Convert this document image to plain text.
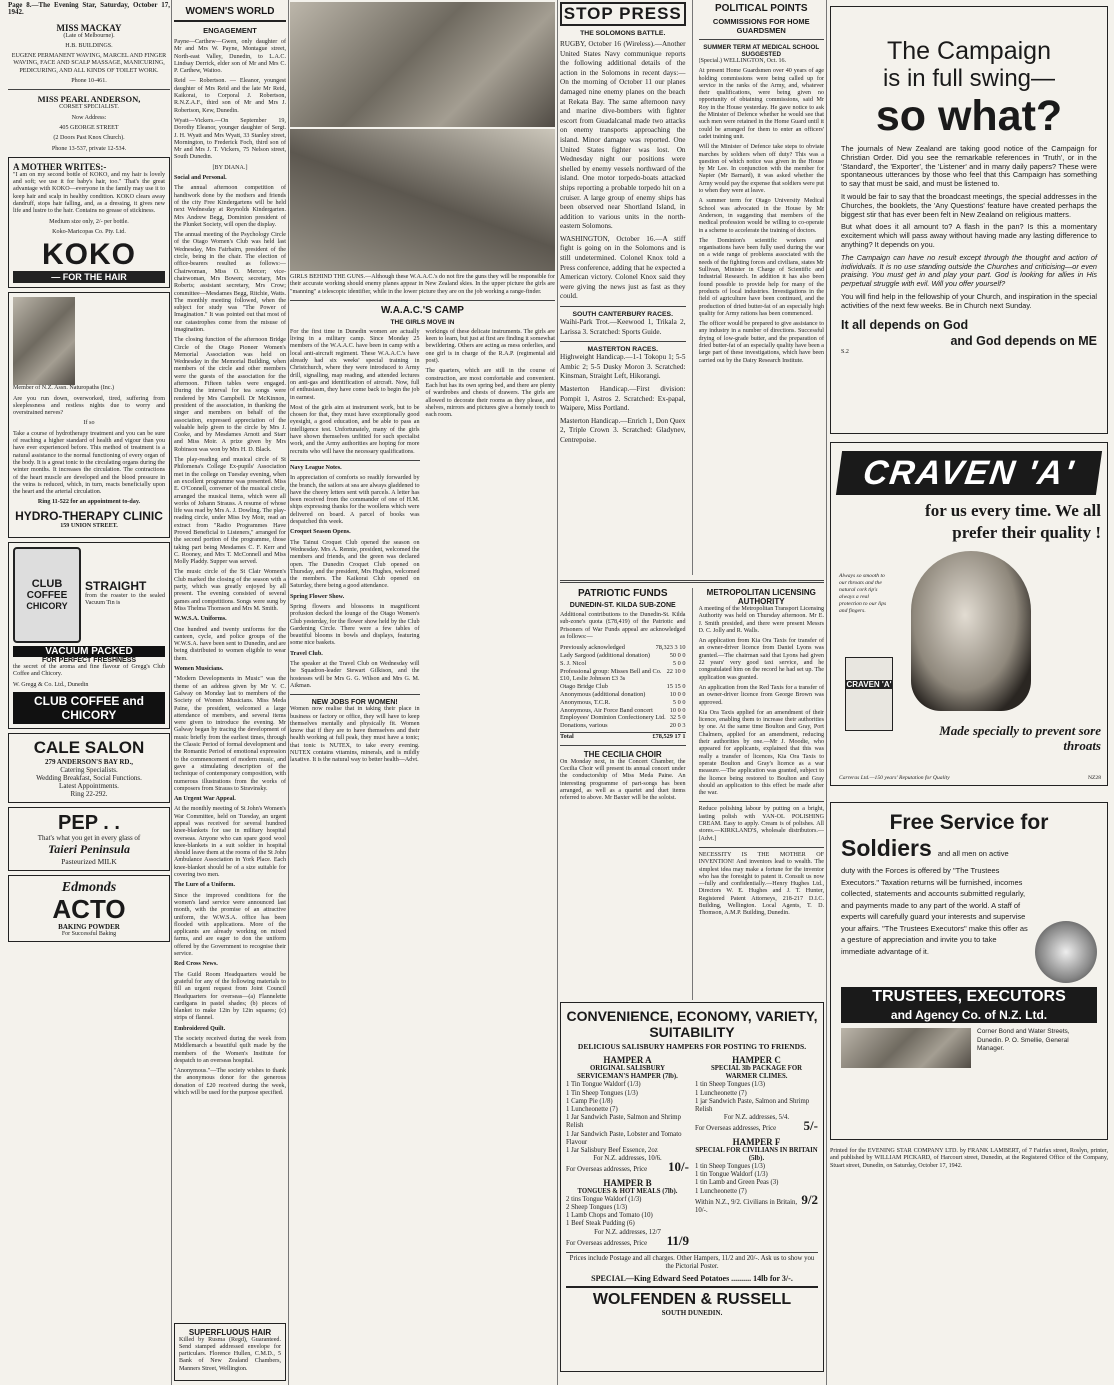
Page 8.—The Evening Star, Saturday, October 17, 1942.
MISS MACKAY
(Late of Melbourne).
H.B. BUILDINGS.
EUGENE PERMANENT WAVING, MARCEL AND FINGER WAVING, FACE AND SCALP MASSAGE, MANICURING, PEDICURING, AND ALL KINDS OF TOILET WORK.
Phone 10-461.
MISS PEARL ANDERSON,
CORSET SPECIALIST.
Now Address:
405 GEORGE STREET
(2 Doors Past Knox Church).
Phone 13-537, private 12-534.
A MOTHER WRITES:-
"I am on my second bottle of KOKO, and my hair is lovely and soft; we use it for baby's hair, too." That's the great advantage with KOKO—everyone in the family may use it to keep hair and scalp in healthy condition. KOKO clears away dandruff, stops hair falling, and, as a dressing, it gives new life and lustre to the hair. Contains no grease of stickiness.
Medium size only, 2/- per bottle.
Koko-Maricopas Co. Pty. Ltd.
KOKO
— FOR THE HAIR
Member of N.Z. Assn. Naturopaths (Inc.)
Are you run down, overworked, tired, suffering from sleeplessness and restless nights due to worry and overstrained nerves?
If so
Take a course of hydrotherapy treatment and you can be sure of reaching a higher standard of health and vigour than you have ever experienced before. This method of treatment is a natural assistance to the normal functioning of every organ of the body. It is a great tonic to the circulating organs during the winter months. It increases the circulation. The contractions of the heart muscle are developed and the blood pressure in the veins is reduced, which, in turn, reacts beneficially upon the heart and the arterial circulation.
Ring 11-522 for an appointment to-day.
HYDRO-THERAPY CLINIC
159 UNION STREET.
CLUB
COFFEE
CHICORY
STRAIGHT
from the roaster to the sealed Vacuum Tin is
VACUUM PACKED
FOR PERFECT FRESHNESS
the secret of the aroma and fine flavour of Gregg's Club Coffee and Chicory.
W. Gregg & Co. Ltd., Dunedin
CLUB COFFEE and CHICORY
CALE SALON
279 ANDERSON'S BAY RD.,
Catering Specialists.
Wedding Breakfast, Social Functions.
Latest Appointments.
Ring 22-292.
PEP . .
That's what you get in every glass of
Taieri Peninsula
Pasteurized MILK
Edmonds
ACTO
BAKING POWDER
For Successful Baking
WOMEN'S WORLD
ENGAGEMENT

Payne—Carthew—Gwen, only daughter of Mr and Mrs W. Payne, Montague street, North-east Valley, Dunedin, to L.A.C. Lindsay Derrick, elder son of Mr and Mrs C. P. Carthew, Waitoo.

Reid — Robertson. — Eleanor, youngest daughter of Mrs Reid and the late Mr Reid, Kaikorai, to Corporal J. Robertson, R.N.Z.A.F., third son of Mr and Mrs J. Robertson, Kew, Dunedin.

Wyatt—Vickers.—On September 19, Dorothy Eleanor, younger daughter of Sergt. J. H. Wyatt and Mrs Wyatt, 33 Stanley street, Mornington, to Frederick Foch, third son of Mr and Mrs J. T. Vickers, 75 Nelson street, South Dunedin.

[BY DIANA.]
Social and Personal.

The annual afternoon competition of handiwork done by the mothers and friends of the city Free Kindergartens will be held next Wednesday at Reynolds Kindergarten. Mrs Andrew Begg, Dominion president of the Plunket Society, will open the display.

The annual meeting of the Psychology Circle of the Otago Women's Club was held last Wednesday, Mrs Fairbairn, president of the circle, being in the chair. The election of office-bearers resulted as follows:—Chairwoman, Miss O. Mercer; vice-chairwoman, Mrs Bowen; secretary, Mrs Roberts; assistant secretary, Mrs Crow; committee—Mesdames Begg, Ritchie, Watts. The monthly meeting followed, when the subject for study was "The Power of Imagination." It was pointed out that most of our catastrophes come from the misuse of imagination.

The closing function of the afternoon Bridge Circle of the Otago Pioneer Women's Memorial Association was held on Wednesday in the Memorial Building, when members of the circle and other members were the guests of the association for the afternoon. Fifteen tables were engaged. During the interval for tea songs were rendered by Mrs Campbell. Dr McKinnon, president of the association, in thanking the singer and members on behalf of the association, expressed appreciation of the valuable help given to the circle by Mrs J. Cooke, and by Mesdames Arnott and Starr and Miss Moir. A prize given by Mrs Robinson was won by Mrs H. D. Black.

The play-reading and musical circle of St Philomena's College Ex-pupils' Association met in the college on Tuesday evening, when an excellent programme was presented. Miss E. O'Connell, convener of the musical circle, arranged the musical items, which were all works of Johann Strauss. A resume of whose life was read by Mrs A. J. Dowling. The play-reading circle, under Miss Ivy Moir, read an extract from "Radio Programmes Have Proved Beneficial to Listeners," arranged for the second portion of the programme, those taking part being Mesdames C. F. Kerr and C. Rooney, and Mrs T. McConnell and Miss Molly Pladdy. Supper was served.

The music circle of the St Clair Women's Club marked the closing of the season with a party, which was greatly enjoyed by all present. The evening consisted of several games and competitions. Songs were sung by Miss Thelma Thomson and Mrs M. Smith.

W.W.S.A. Uniforms.

One hundred and twenty uniforms for the canteen, cycle, and police groups of the W.W.S.A. have been sent to Dunedin, and are being distributed to women eligible to wear them.

Women Musicians.

"Modern Developments in Music" was the theme of an address given by Mr V. C. Galway on Monday last to members of the Society of Women Musicians. Miss Meda Paine, the president, welcomed a large attendance of members, and several items were given to introduce the evening. Mr Galway began by tracing the development of music briefly from the earliest times, through the Classic Period of formal development and the Romantic Period of emotional expression to the commencement of modern music, and gave a stimulating description of the technique of contemporary composition, with numerous illustrations from the works of composers from Strauss to Stravinsky.

An Urgent War Appeal.

At the monthly meeting of St John's Women's War Committee, held on Tuesday, an urgent appeal was received for several hundred knee-blankets for use in military hospital overseas. Anyone who can spare good wool knee-blankets in a suit soldier in hospital should leave them at the rooms of the St John Ambulance Association in York Place. Each knee-blanket should be of a size suitable for covering two men.

The Lure of a Uniform.

Since the improved conditions for the women's land service were announced last month, with the promise of an attractive uniform, the W.W.S.A. office has been flooded with applications. More of the applicants are already working on mixed farms, and are eager to don the uniform offered by the Government to recognise their service.

Red Cross News.

The Guild Room Headquarters would be grateful for any of the following materials to fill an urgent request from Joint Council Headquarters for overseas—(a) Flannelette cardigans in pastel shades; (b) pieces of blanket to make 12in by 12in squares; (c) strips of flannel.

Embroidered Quilt.

The society received during the week from Middlemarch a beautiful quilt made by the members of the Women's Institute for despatch to an overseas hospital.

"Anonymous."—The society wishes to thank the anonymous donor for the generous donation of £20 received during the week, which will be used for the purpose specified.

SUPERFLUOUS HAIR
Killed by Rusma (Regd), Guaranteed. Send stamped addressed envelope for particulars. Florence Hullen, C.M.D., 5 Bank of New Zealand Chambers, Manners Street, Wellington.

GIRLS BEHIND THE GUNS.—Although these W.A.A.C.'s do not fire the guns they will be responsible for their accurate working should enemy planes appear in New Zealand skies. In the upper picture the girls are "manning" a telescopic identifier, while in the lower picture they are on the job working a range-finder.

W.A.A.C.'S CAMP
THE GIRLS MOVE IN

For the first time in Dunedin women are actually living in a military camp. Since Monday 25 members of the W.A.A.C. have been in camp with a local anti-aircraft regiment. These W.A.A.C.'s have already had six weeks' special training in Christchurch, where they were introduced to Army drill, signalling, map reading, and attended lectures on anti-gas and identification of aircraft. Now, full of enthusiasm, they have come back to begin the job in earnest.

Most of the girls aim at instrument work, but to be chosen for that, they must have exceptionally good eyesight, a good education, and be able to pass an intelligence test. Unfortunately, many of the girls have shown themselves unfitted for such specialist work, and the Army authorities are hoping for more recruits who will have the necessary qualifications.

Navy League Notes.

In appreciation of comforts so readily forwarded by the branch, the sailors at sea are always gladdened to have the cheery letters sent with parcels. A letter has been received from the commander of one of H.M. ships expressing thanks for the woollens which were delivered on board. A parcel of books was despatched this week.

Croquet Season Opens.

The Tainui Croquet Club opened the season on Wednesday. Mrs A. Rennie, president, welcomed the members and friends, and the green was declared open. The Dunedin Croquet Club opened on Thursday, and the president, Mrs Hughes, welcomed the members. The Kaikorai Club opened on Saturday, there being a good attendance.

Spring Flower Show.

Spring flowers and blossoms in magnificent profusion decked the lounge of the Otago Women's Club yesterday, for the flower show held by the Club Gardening Circle. There were a few tables of beautiful blooms in bowls and displays, featuring some nice baskets.

Travel Club.

The speaker at the Travel Club on Wednesday will be Squadron-leader Stewart Gilkison, and the hostesses will be Mrs G. G. Wilson and Mrs G. M. Aikman.

NEW JOBS FOR WOMEN!

Women now realise that in taking their place in business or factory or office, they will have to keep themselves mentally and physically fit. Women know that if they are to have themselves and their health working at full peak, they must have a tonic; that tonic is NUTEX, to take every evening. NUTEX contains vitamins, minerals, and is mildly laxative. It is the natural way to better health—Advt.

workings of these delicate instruments. The girls are keen to learn, but just at first are finding it somewhat bewildering. Others are acting as mess orderlies, and one girl is in charge of the R.A.P. (regimental aid post).

The quarters, which are still in the course of construction, are most comfortable and convenient. Each hut has its own spring bed, and there are plenty of wardrobes and chests of drawers. The girls are allowed to decorate their rooms as they please, and shelves, mirrors and pictures give a homely touch to each room.

STOP PRESS
THE SOLOMONS BATTLE.

RUGBY, October 16 (Wireless).—Another United States Navy communique reports the following additional details of the action in the Solomons in recent days:—On the morning of October 11 our planes damaged nine enemy planes on the beach at Rekata Bay. The same afternoon navy and marine dive-bombers with fighter escort from Guadalcanal made two attacks on enemy transports approaching the island. Minor damage was reported. One United States fighter was lost. On Wednesday night our positions were shelled by enemy vessels northward of the island. One motor torpedo-boats attacked ships reporting a probable torpedo hit on a cruiser. A large group of enemy ships has been observed near Shortland Island, in addition to various units in the north-eastern Solomons.

WASHINGTON, October 16.—A stiff fight is going on in the Solomons and is still undetermined. Colonel Knox told a Press conference, adding that he expected a American victory. Colonel Knox said they were giving the news just as fast as they could.

SOUTH CANTERBURY RACES.

Waihi-Park Trot.—Keewood 1, Trikala 2, Larissa 3. Scratched: Sports Guide.

MASTERTON RACES.

Highweight Handicap.—1-1 Tokopu 1; 5-5 Ambic 2; 5-5 Dusky Moron 3. Scratched: Kinsman, Straight Left, Hikorangi.

Masterton Handicap.—First division: Pompit 1, Astros 2. Scratched: Ex-papal, Waipere, Miss Portland.

Masterton Handicap.—Enrich 1, Don Quex 2, Triple Crown 3. Scratched: Gladynev, Centrepoise.

POLITICAL POINTS
COMMISSIONS FOR HOME GUARDSMEN
SUMMER TERM AT MEDICAL SCHOOL SUGGESTED
(Special.) WELLINGTON, Oct. 16.

At present Home Guardsmen over 40 years of age holding commissions were being called up for service in the ranks of the Army, and, whatever their qualifications, were being given no opportunity of obtaining commissions, said Mr Roy in the House yesterday. He gave notice to ask the Minister of Defence whether he would see that such men were retained in the Home Guard until it could be arranged for them to enter an officers' cadet training unit.

Will the Minister of Defence take steps to obviate marches by soldiers when off duty? This was a question of which notice was given in the House by Mr Lee. In conjunction with the member for Napier (Mr Barnard), it was asked whether the Army would pay the expense that soldiers were put to when they were at leave.

A summer term for Otago University Medical School was advocated in the House by Mr Anderson, in suggesting that members of the medical profession would be willing to co-operate in a scheme to accelerate the training of doctors.

The Dominion's scientific workers and organisations have been fully used during the war on a wide range of problems associated with the needs of the fighting forces and civilians, states Mr Sullivan, Minister in Charge of Scientific and Industrial Research. In addition it has also been found possible to provide help for many of the products of local industries. Investigations in the field of agriculture have been continued, and the production of dried butter-fat of an especially high quality for Army rations has been commenced.

The officer would be prepared to give assistance to any industry in a number of directions. Successful drying of low-grade butter, and the preparation of dried butter-fat of an especially quality have been a large part of these investigations, which have been carried out by the Dairy Research Institute.

PATRIOTIC FUNDS
DUNEDIN-ST. KILDA SUB-ZONE

Additional contributions to the Dunedin-St. Kilda sub-zone's quota (£78,419) of the Patriotic and Prisoners of War Funds appeal are acknowledged as follows:—

Previously acknowledged	78,323 3 10
Lady Sargood (additional donation)	50 0 0
S. J. Nicol	5 0 0
Professional group: Misses Bell and Co. £10, Leslie Johnson £3 3s
22 10 0
Otago Bridge Club	15 15 0
Anonymous (additional donation)	10 0 0
Anonymous, T.C.R.	5 0 0
Anonymous, Air Force Band concert	10 0 0
Employees' Dominion Confectionery Ltd. 32 5 0
Donations, various	20 0 3
Total	£78,529 17 1
THE CECILIA CHOIR

On Monday next, in the Concert Chamber, the Cecilia Choir will present its annual concert under the conductorship of Miss Meda Paine. An interesting programme of part-songs has been arranged, as well as a quartet and duet items referred to above. Mr Baxter will be the soloist.

METROPOLITAN LICENSING AUTHORITY

A meeting of the Metropolitan Transport Licensing Authority was held on Thursday afternoon. Mr E. J. Smith presided, and there were present Messrs D. C. Jolly and R. Walls.

An application from Kia Ora Taxis for transfer of an owner-driver licence from Daniel Lyons was granted.—The chairman said that Lyons had given 22 years' very good taxi service, and he congratulated him on the record he had set up. The application was granted.

An application from the Red Taxis for a transfer of an owner-driver licence from George Brown was approved.

Kia Ora Taxis applied for an amendment of their licence, enabling them to increase their authorities by one. At the same time Boulton and Gray, Port Chalmers, applied for an amendment, reducing their authorities by one.—Mr J. Moodie, who appeared for applicants, explained that this was really a transfer of licences, Kia Ora Taxis to operate Boulton and Gray's licence as a war measure.—The application was granted, subject to the licence being restored to Boulton and Gray should an application to this effect be made after the war.

Reduce polishing labour by putting on a bright, lasting polish with YAN-OL POLISHING CREAM. Easy to apply. Cream is of polishes. All stores.—KIRKLAND'S, wholesale distributors.—[Advt.]

NECESSITY IS THE MOTHER OF INVENTION! And inventors lead to wealth. The simplest idea may make a fortune for the inventor who has the foresight to patent it. Consult us now—fully and confidentially.—Henry Hughes Ltd., Directors W. E. Hughes and J. T. Hunter, Registered Patent Attorneys, 218-217 D.I.C. Building, Wellington. Local Agents, T. D. Thomson, A.M.P. Building, Dunedin.

CONVENIENCE, ECONOMY, VARIETY, SUITABILITY
DELICIOUS SALISBURY HAMPERS FOR POSTING TO FRIENDS.
HAMPER A
ORIGINAL SALISBURY SERVICEMAN'S HAMPER (7lb).
1 Tin Tongue Waldorf (1/3)
1 Tin Sheep Tongues (1/3)
1 Camp Pie (1/8)
1 Luncheonette (7)
1 Jar Sandwich Paste, Salmon and Shrimp Relish
1 Jar Sandwich Paste, Lobster and Tomato Flavour
1 Jar Salisbury Beef Essence, 2oz
For N.Z. addresses, 10/6.
For Overseas addresses, Price 10/-
HAMPER B
TONGUES & HOT MEALS (7lb).
2 tins Tongue Waldorf (1/3)
2 Sheep Tongues (1/3)
1 Lamb Chops and Tomato (10)
1 Beef Steak Pudding (6)
For N.Z. addresses, 12/7
For Overseas addresses, Price 11/9
HAMPER C
SPECIAL 3lb PACKAGE FOR WARMER CLIMES.
1 tin Sheep Tongues (1/3)
1 Luncheonette (7)
1 jar Sandwich Paste, Salmon and Shrimp Relish
For N.Z. addresses, 5/4.
For Overseas addresses, Price 5/-
HAMPER F
SPECIAL FOR CIVILIANS IN BRITAIN (5lb).
1 tin Sheep Tongues (1/3)
1 tin Tongue Waldorf (1/3)
1 tin Lamb and Green Peas (3)
1 Luncheonette (7)
Within N.Z., 9/2. Civilians in Britain, 10/-.
9/2
Prices include Postage and all charges. Other Hampers, 11/2 and 20/-. Ask us to show you the Pictorial Poster.
SPECIAL—King Edward Seed Potatoes .......... 14lb for 3/-.
WOLFENDEN & RUSSELL
SOUTH DUNEDIN.
The Campaign
is in full swing—
so what?

The journals of New Zealand are taking good notice of the Campaign for Christian Order. Did you see the remarkable references in 'Truth', or in the 'Standard', the 'Exporter', the 'Listener' and in many daily papers? These were spontaneous utterances by those who feel that this Campaign has something to say that must be said, and must be listened to.

It would be fair to say that the broadcast meetings, the special addresses in the Churches, the booklets, the 'Any Questions' feature have created perhaps the biggest stir that has ever been felt in New Zealand on religious matters.

But what does it all amount to? A flash in the pan? Is this a momentary excitement which will pass away without having made any lasting difference to anything? It depends on you.

The Campaign can have no result except through the thought and action of individuals. It is no use standing outside the Churches and criticising—or even praising. You must get in and play your part. God is looking for allies in His perpetual struggle with evil. Will you offer yourself?

You will find help in the fellowship of your Church, and inspiration in the special activities of the next few weeks. Be in Church next Sunday.

It all depends on God
and God depends on ME
S.2
CRAVEN 'A'
for us every time. We all
prefer their quality !
Always so smooth to our throats and the natural cork tip's always a real protection to our lips and fingers.
CRAVEN 'A'
Made specially to prevent sore throats
Carreras Ltd.—150 years' Reputation for Quality	NZ28
Free Service for
Soldiers and all men on active

duty with the Forces is offered by "The Trustees Executors." Taxation returns will be furnished, incomes collected, statements and accounts submitted regularly, and payments made to any part of the world. A staff of experts will carefully guard your interests and supervise your affairs. "The Trustees Executors" make this offer as a gesture of appreciation and invite you to take immediate advantage of it.

TRUSTEES, EXECUTORS
and Agency Co. of N.Z. Ltd.
Corner Bond and Water Streets, Dunedin. P. O. Smellie, General Manager.

Printed for the EVENING STAR COMPANY LTD. by FRANK LAMBERT, of 7 Fairfax street, Roslyn, printer, and published by WILLIAM PICKARD, of Harcourt street, Dunedin, at the Registered Office of the Company, Stuart street, Dunedin, on Saturday, October 17, 1942.
